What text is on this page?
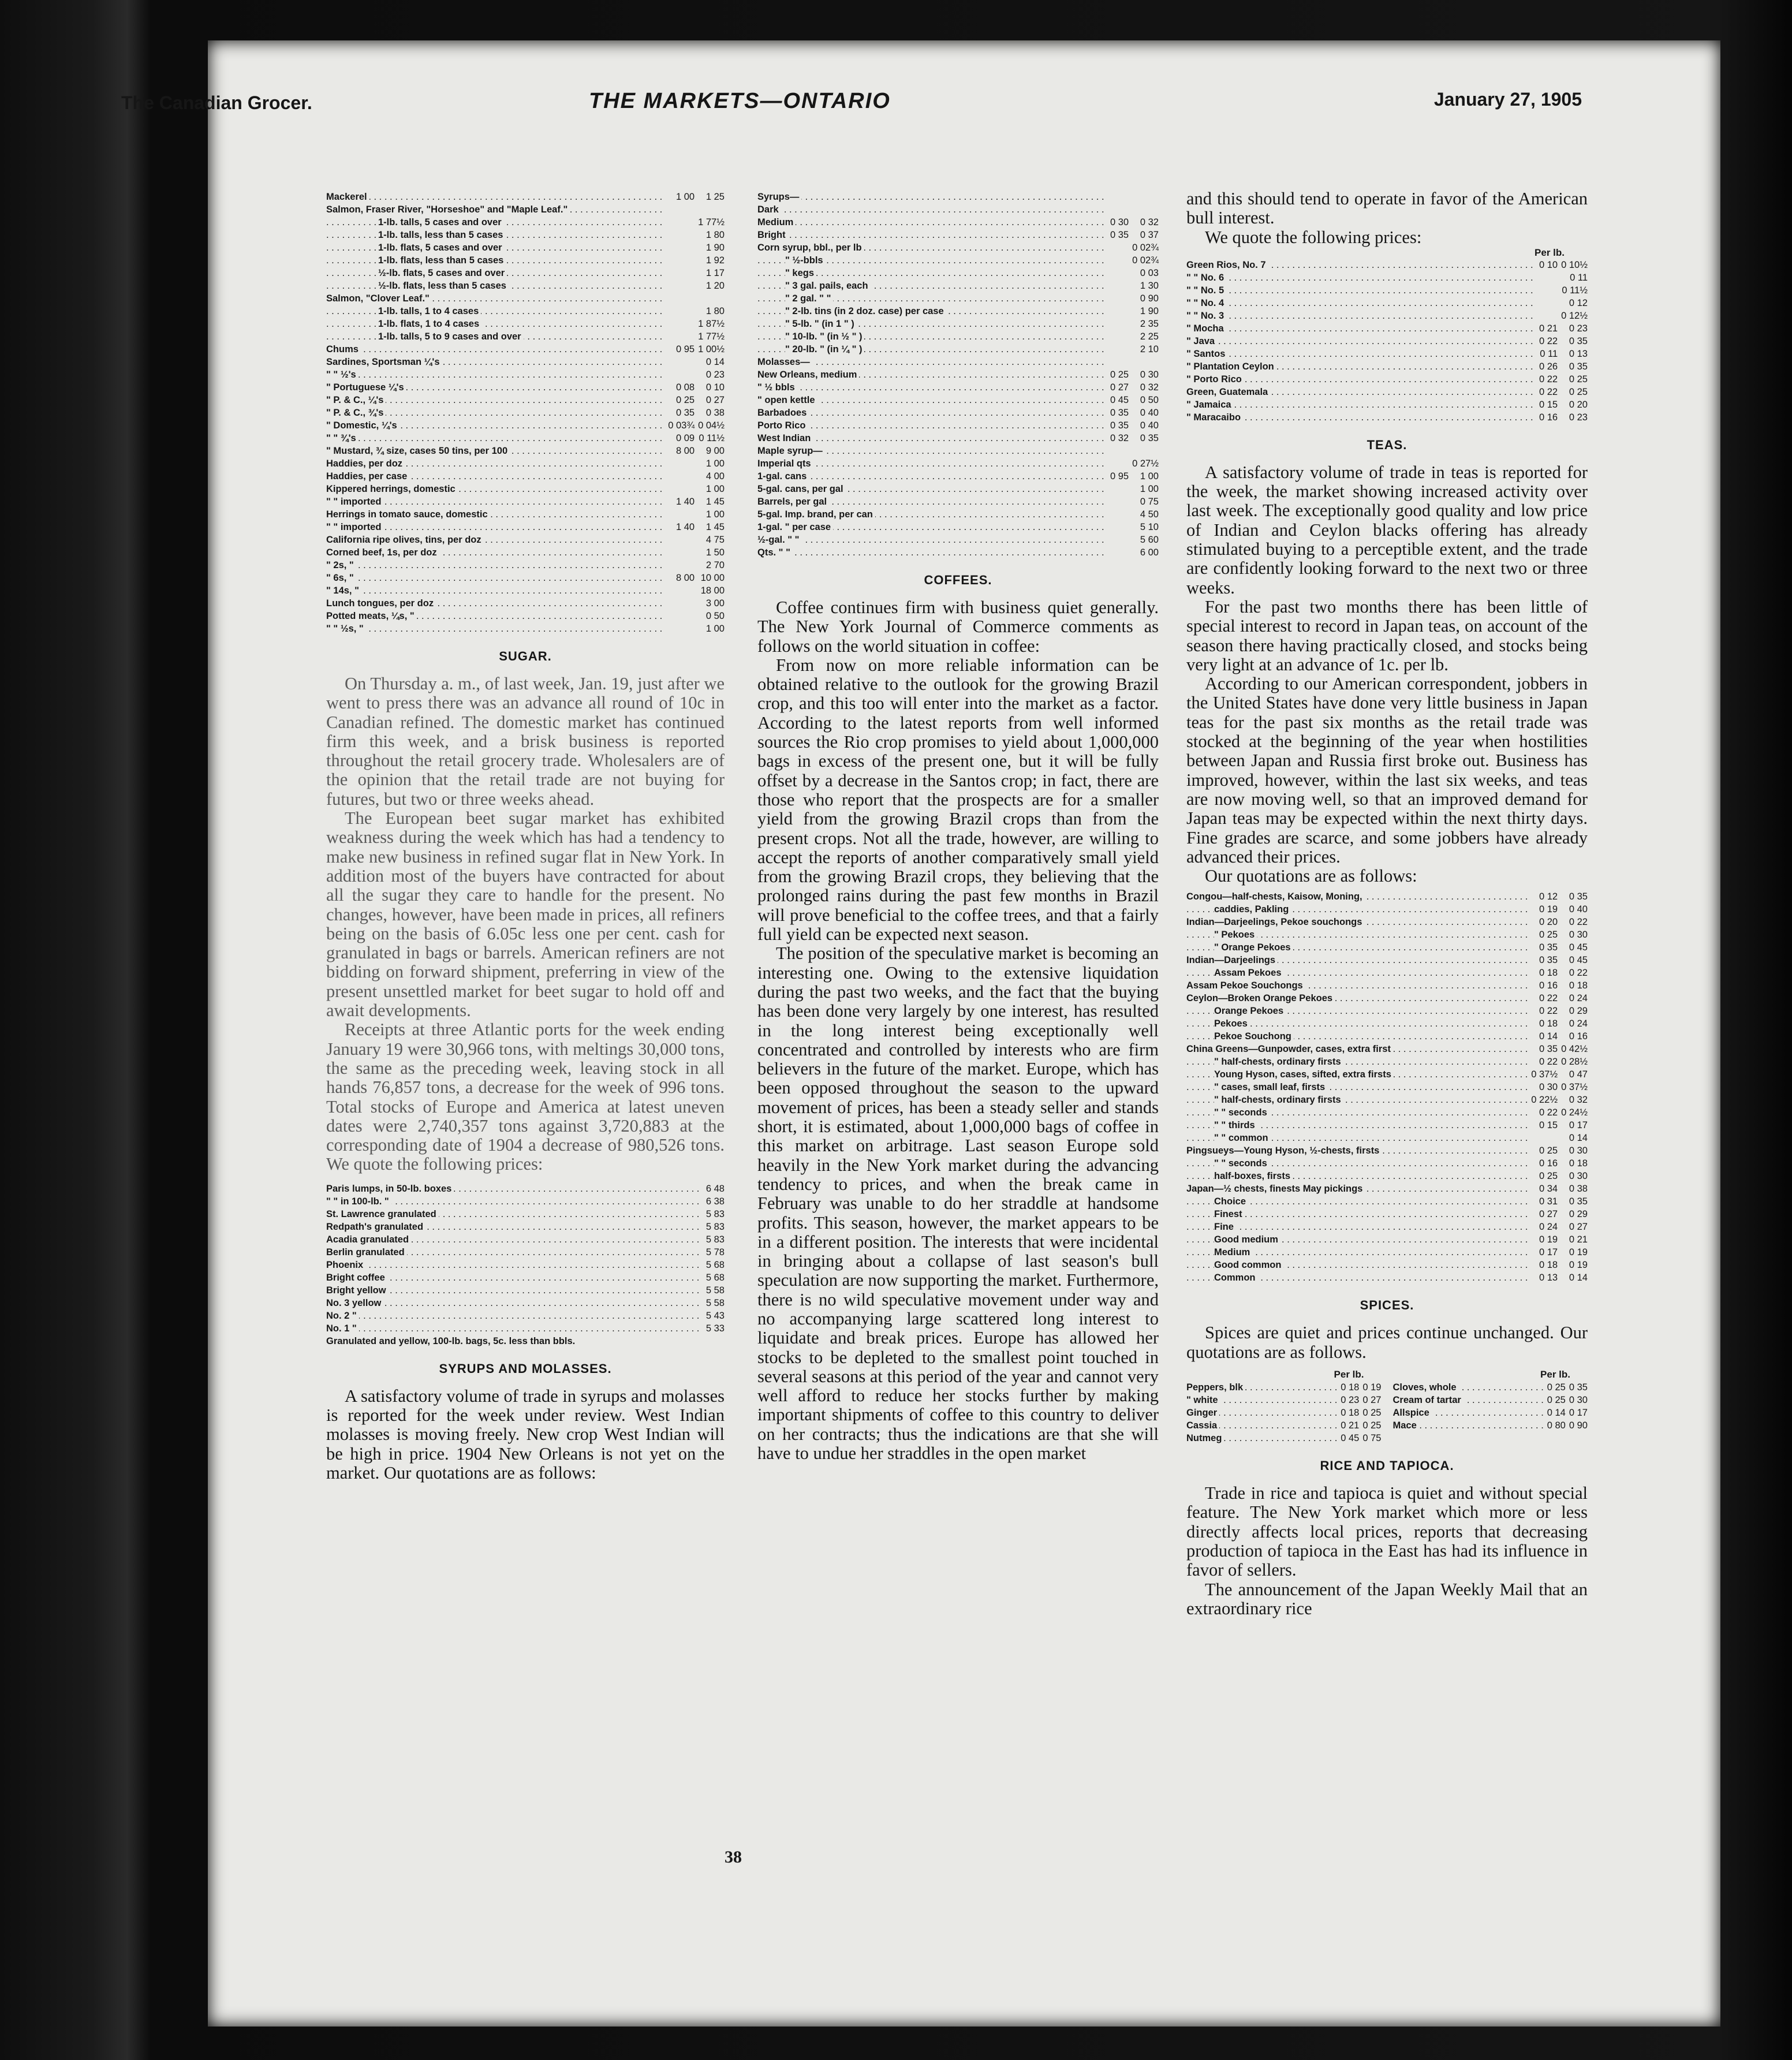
The Canadian Grocer.	THE MARKETS—ONTARIO	January 27, 1905
. . . Mackerel	1 00	1 25
. . . Salmon, Fraser River, "Horseshoe" and "Maple Leaf."		
. . . 1-lb. talls, 5 cases and over		1 77½
. . . 1-lb. talls, less than 5 cases		1 80
. . . 1-lb. flats, 5 cases and over		1 90
. . . 1-lb. flats, less than 5 cases		1 92
. . . ½-lb. flats, 5 cases and over		1 17
. . . ½-lb. flats, less than 5 cases		1 20
. . . Salmon, "Clover Leaf."		
. . . 1-lb. talls, 1 to 4 cases		1 80
. . . 1-lb. flats, 1 to 4 cases		1 87½
. . . 1-lb. talls, 5 to 9 cases and over		1 77½
. . . Chums	0 95	1 00½
. . . Sardines, Sportsman ¼'s		0 14
. . . " " ½'s		0 23
. . . " Portuguese ¼'s	0 08	0 10
. . . " P. & C., ¼'s	0 25	0 27
. . . " P. & C., ¾'s	0 35	0 38
. . . " Domestic, ¼'s	0 03¾	0 04½
. . . " " ¾'s	0 09	0 11½
. . . " Mustard, ¾ size, cases 50 tins, per 100	8 00	9 00
. . . Haddies, per doz		1 00
. . . Haddies, per case		4 00
. . . Kippered herrings, domestic		1 00
. . . " " imported	1 40	1 45
. . . Herrings in tomato sauce, domestic		1 00
. . . " " imported	1 40	1 45
. . . California ripe olives, tins, per doz		4 75
. . . Corned beef, 1s, per doz		1 50
. . . " 2s, "		2 70
. . . " 6s, "	8 00	10 00
. . . " 14s, "		18 00
. . . Lunch tongues, per doz		3 00
. . . Potted meats, ¼s, "		0 50
. . . " " ½s, "		1 00
SUGAR.

On Thursday a. m., of last week, Jan. 19, just after we went to press there was an advance all round of 10c in Canadian refined. The domestic market has continued firm this week, and a brisk business is reported throughout the retail grocery trade. Wholesalers are of the opinion that the retail trade are not buying for futures, but two or three weeks ahead.

The European beet sugar market has exhibited weakness during the week which has had a tendency to make new business in refined sugar flat in New York. In addition most of the buyers have contracted for about all the sugar they care to handle for the present. No changes, however, have been made in prices, all refiners being on the basis of 6.05c less one per cent. cash for granulated in bags or barrels. American refiners are not bidding on forward shipment, preferring in view of the present unsettled market for beet sugar to hold off and await developments.

Receipts at three Atlantic ports for the week ending January 19 were 30,966 tons, with meltings 30,000 tons, the same as the preceding week, leaving stock in all hands 76,857 tons, a decrease for the week of 996 tons. Total stocks of Europe and America at latest uneven dates were 2,740,357 tons against 3,720,883 at the corresponding date of 1904 a decrease of 980,526 tons. We quote the following prices:

. . . Paris lumps, in 50-lb. boxes	6 48
. . . " " in 100-lb. "	6 38
. . . St. Lawrence granulated	5 83
. . . Redpath's granulated	5 83
. . . Acadia granulated	5 83
. . . Berlin granulated	5 78
. . . Phoenix	5 68
. . . Bright coffee	5 68
. . . Bright yellow	5 58
. . . No. 3 yellow	5 58
. . . No. 2 "	5 43
. . . No. 1 "	5 33
Granulated and yellow, 100-lb. bags, 5c. less than bbls.
SYRUPS AND MOLASSES.

A satisfactory volume of trade in syrups and molasses is reported for the week under review. West Indian molasses is moving freely. New crop West Indian will be high in price. 1904 New Orleans is not yet on the market. Our quotations are as follows:

. . . Syrups—		
. . . Dark		
. . . Medium	0 30	0 32
. . . Bright	0 35	0 37
. . . Corn syrup, bbl., per lb		0 02¾
. . . " ½-bbls		0 02¾
. . . " kegs		0 03
. . . " 3 gal. pails, each		1 30
. . . " 2 gal. " "		0 90
. . . " 2-lb. tins (in 2 doz. case) per case		1 90
. . . " 5-lb. " (in 1 " )		2 35
. . . " 10-lb. " (in ½ " )		2 25
. . . " 20-lb. " (in ¼ " )		2 10
. . . Molasses—		
. . . New Orleans, medium	0 25	0 30
. . . " ½ bbls	0 27	0 32
. . . " open kettle	0 45	0 50
. . . Barbadoes	0 35	0 40
. . . Porto Rico	0 35	0 40
. . . West Indian	0 32	0 35
. . . Maple syrup—		
. . . Imperial qts		0 27½
. . . 1-gal. cans	0 95	1 00
. . . 5-gal. cans, per gal		1 00
. . . Barrels, per gal		0 75
. . . 5-gal. Imp. brand, per can		4 50
. . . 1-gal. " per case		5 10
. . . ½-gal. " "		5 60
. . . Qts. " "		6 00
COFFEES.

Coffee continues firm with business quiet generally. The New York Journal of Commerce comments as follows on the world situation in coffee:

From now on more reliable information can be obtained relative to the outlook for the growing Brazil crop, and this too will enter into the market as a factor. According to the latest reports from well informed sources the Rio crop promises to yield about 1,000,000 bags in excess of the present one, but it will be fully offset by a decrease in the Santos crop; in fact, there are those who report that the prospects are for a smaller yield from the growing Brazil crops than from the present crops. Not all the trade, however, are willing to accept the reports of another comparatively small yield from the growing Brazil crops, they believing that the prolonged rains during the past few months in Brazil will prove beneficial to the coffee trees, and that a fairly full yield can be expected next season.

The position of the speculative market is becoming an interesting one. Owing to the extensive liquidation during the past two weeks, and the fact that the buying has been done very largely by one interest, has resulted in the long interest being exceptionally well concentrated and controlled by interests who are firm believers in the future of the market. Europe, which has been opposed throughout the season to the upward movement of prices, has been a steady seller and stands short, it is estimated, about 1,000,000 bags of coffee in this market on arbitrage. Last season Europe sold heavily in the New York market during the advancing tendency to prices, and when the break came in February was unable to do her straddle at handsome profits. This season, however, the market appears to be in a different position. The interests that were incidental in bringing about a collapse of last season's bull speculation are now supporting the market. Furthermore, there is no wild speculative movement under way and no accompanying large scattered long interest to liquidate and break prices. Europe has allowed her stocks to be depleted to the smallest point touched in several seasons at this period of the year and cannot very well afford to reduce her stocks further by making important shipments of coffee to this country to deliver on her contracts; thus the indications are that she will have to undue her straddles in the open market

and this should tend to operate in favor of the American bull interest.

We quote the following prices:

Per lb.
. . . Green Rios, No. 7	0 10	0 10½
. . . " " No. 6		0 11
. . . " " No. 5		0 11½
. . . " " No. 4		0 12
. . . " " No. 3		0 12½
. . . " Mocha	0 21	0 23
. . . " Java	0 22	0 35
. . . " Santos	0 11	0 13
. . . " Plantation Ceylon	0 26	0 35
. . . " Porto Rico	0 22	0 25
. . . Green, Guatemala	0 22	0 25
. . . " Jamaica	0 15	0 20
. . . " Maracaibo	0 16	0 23
TEAS.

A satisfactory volume of trade in teas is reported for the week, the market showing increased activity over last week. The exceptionally good quality and low price of Indian and Ceylon blacks offering has already stimulated buying to a perceptible extent, and the trade are confidently looking forward to the next two or three weeks.

For the past two months there has been little of special interest to record in Japan teas, on account of the season there having practically closed, and stocks being very light at an advance of 1c. per lb.

According to our American correspondent, jobbers in the United States have done very little business in Japan teas for the past six months as the retail trade was stocked at the beginning of the year when hostilities between Japan and Russia first broke out. Business has improved, however, within the last six weeks, and teas are now moving well, so that an improved demand for Japan teas may be expected within the next thirty days. Fine grades are scarce, and some jobbers have already advanced their prices.

Our quotations are as follows:

. . . Congou—half-chests, Kaisow, Moning,	0 12	0 35
. . . caddies, Pakling	0 19	0 40
. . . Indian—Darjeelings, Pekoe souchongs	0 20	0 22
. . . " Pekoes	0 25	0 30
. . . " Orange Pekoes	0 35	0 45
. . . Indian—Darjeelings	0 35	0 45
. . . Assam Pekoes	0 18	0 22
. . . Assam Pekoe Souchongs	0 16	0 18
. . . Ceylon—Broken Orange Pekoes	0 22	0 24
. . . Orange Pekoes	0 22	0 29
. . . Pekoes	0 18	0 24
. . . Pekoe Souchong	0 14	0 16
. . . China Greens—Gunpowder, cases, extra first	0 35	0 42½
. . . " half-chests, ordinary firsts	0 22	0 28½
. . . Young Hyson, cases, sifted, extra firsts	0 37½	0 47
. . . " cases, small leaf, firsts	0 30	0 37½
. . . " half-chests, ordinary firsts	0 22½	0 32
. . . " " seconds	0 22	0 24½
. . . " " thirds	0 15	0 17
. . . " " common		0 14
. . . Pingsueys—Young Hyson, ½-chests, firsts	0 25	0 30
. . . " " seconds	0 16	0 18
. . . half-boxes, firsts	0 25	0 30
. . . Japan—½ chests, finests May pickings	0 34	0 38
. . . Choice	0 31	0 35
. . . Finest	0 27	0 29
. . . Fine	0 24	0 27
. . . Good medium	0 19	0 21
. . . Medium	0 17	0 19
. . . Good common	0 18	0 19
. . . Common	0 13	0 14
SPICES.

Spices are quiet and prices continue unchanged. Our quotations are as follows.

Per lb.
. . . Peppers, blk	0 18	0 19
. . . " white	0 23	0 27
. . . Ginger	0 18	0 25
. . . Cassia	0 21	0 25
. . . Nutmeg	0 45	0 75
Per lb.
. . . Cloves, whole	0 25	0 35
. . . Cream of tartar	0 25	0 30
. . . Allspice	0 14	0 17
. . . Mace	0 80	0 90
RICE AND TAPIOCA.

Trade in rice and tapioca is quiet and without special feature. The New York market which more or less directly affects local prices, reports that decreasing production of tapioca in the East has had its influence in favor of sellers.

The announcement of the Japan Weekly Mail that an extraordinary rice

38
